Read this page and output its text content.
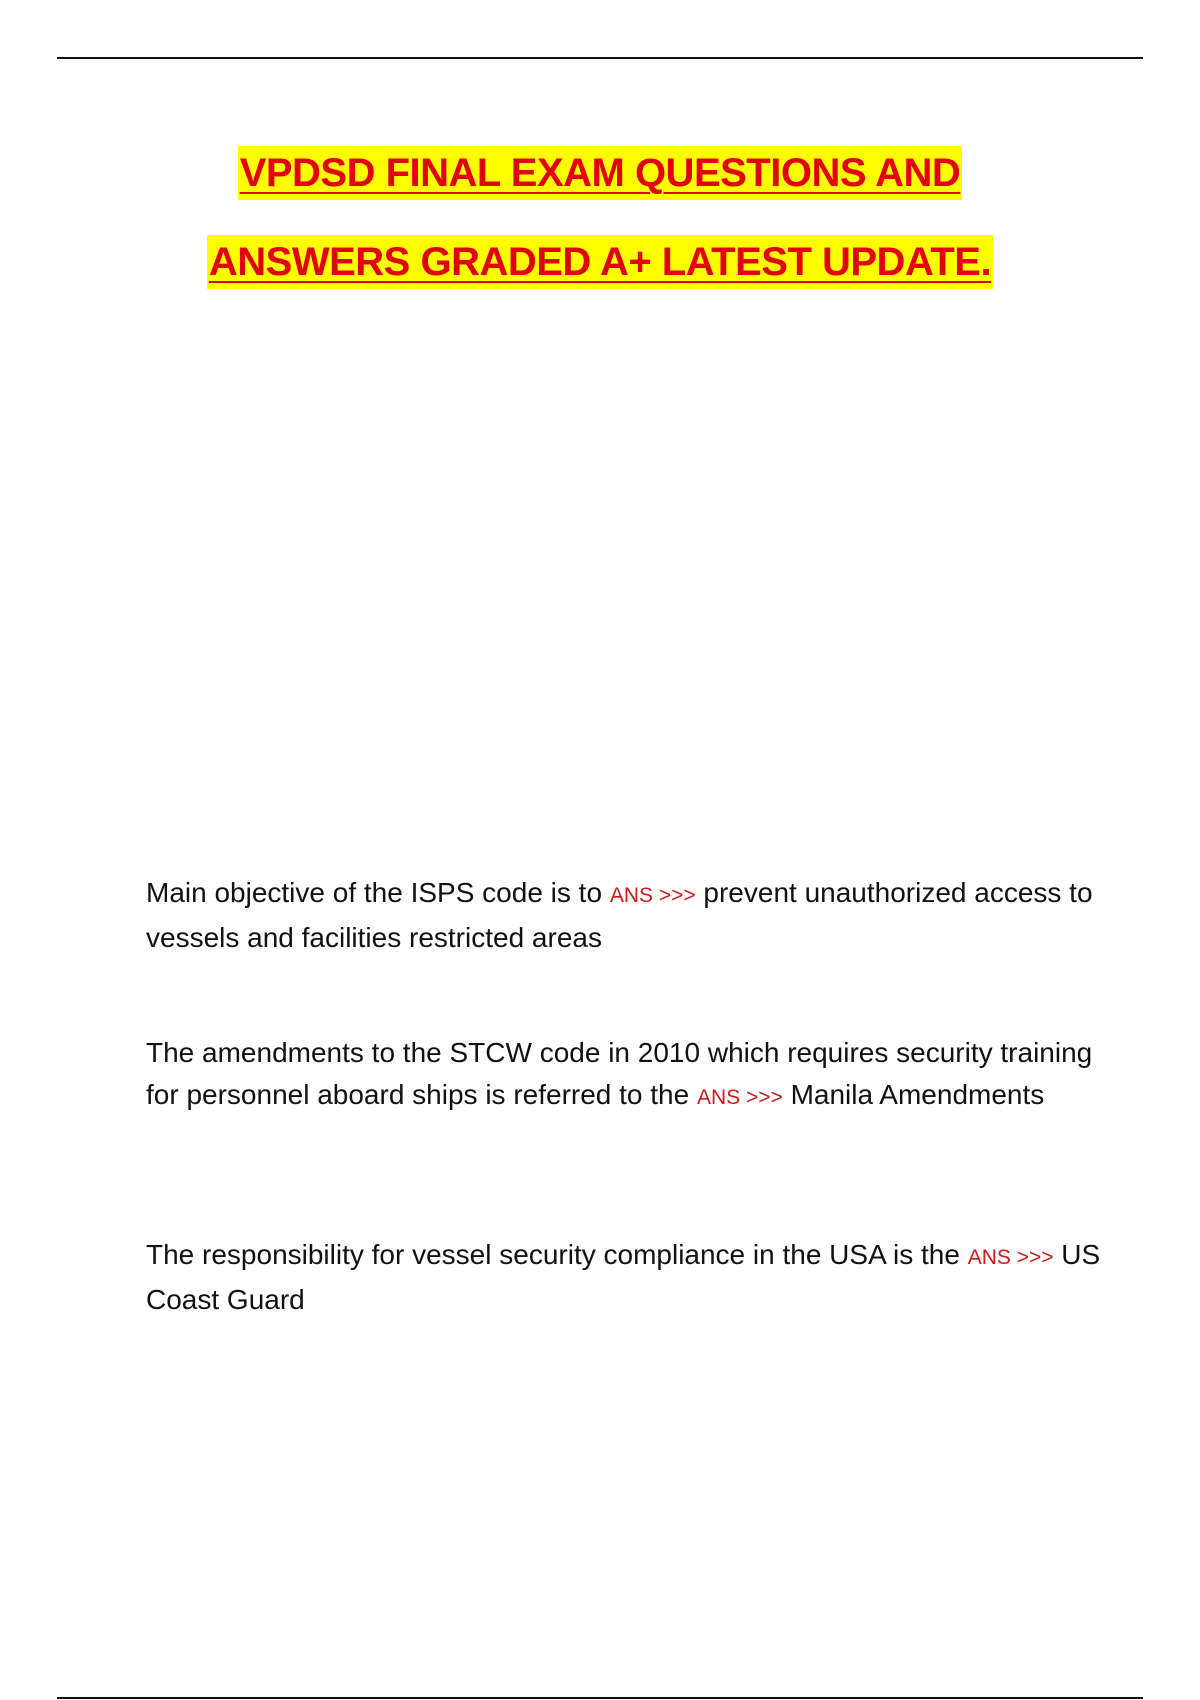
VPDSD FINAL EXAM QUESTIONS AND
ANSWERS GRADED A+ LATEST UPDATE.
Main objective of the ISPS code is to ANS >>> prevent unauthorized access to vessels and facilities restricted areas
The amendments to the STCW code in 2010 which requires security training for personnel aboard ships is referred to the ANS >>> Manila Amendments
The responsibility for vessel security compliance in the USA is the ANS >>> US Coast Guard
